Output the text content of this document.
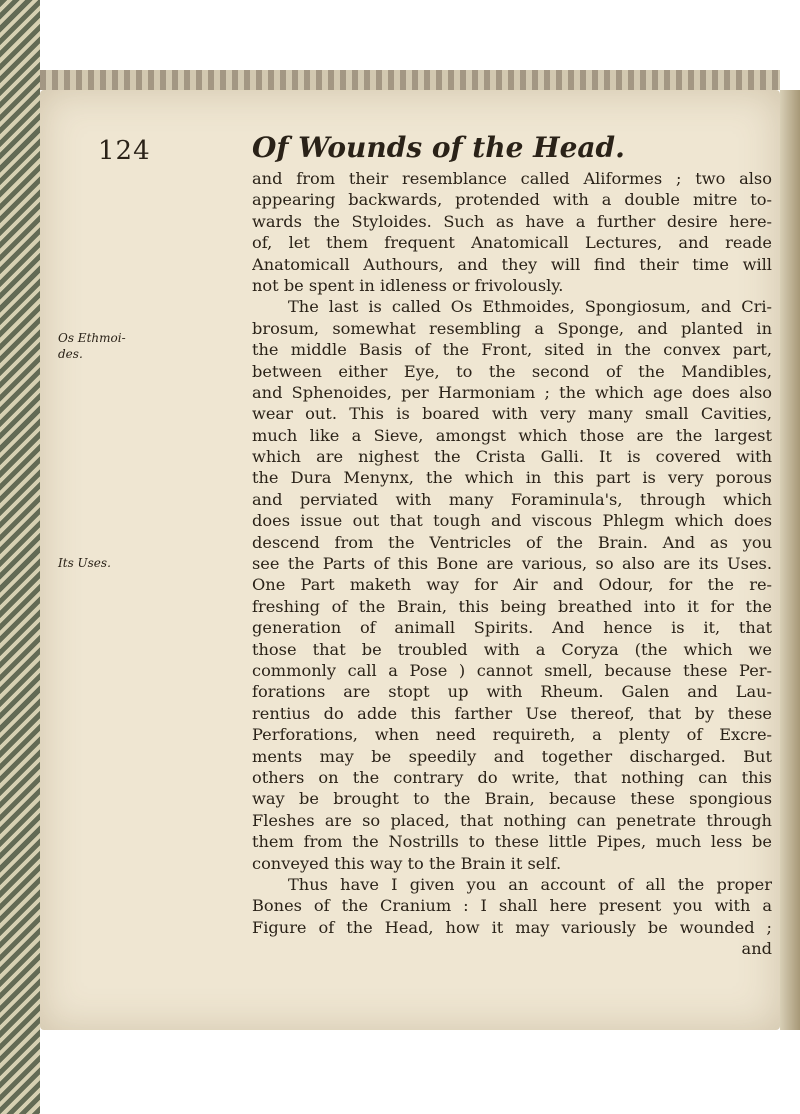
124	Of Wounds of the Head.
Os Ethmoi-
des.
Its Uses.
and from their resemblance called Aliformes ; two also
appearing backwards, protended with a double mitre to-
wards the Styloides. Such as have a further desire here-
of, let them frequent Anatomicall Lectures, and reade
Anatomicall Authours, and they will find their time will
not be spent in idleness or frivolously.
The last is called Os Ethmoides, Spongiosum, and Cri-
brosum, somewhat resembling a Sponge, and planted in
the middle Basis of the Front, sited in the convex part,
between either Eye, to the second of the Mandibles,
and Sphenoides, per Harmoniam ; the which age does also
wear out. This is boared with very many small Cavities,
much like a Sieve, amongst which those are the largest
which are nighest the Crista Galli. It is covered with
the Dura Menynx, the which in this part is very porous
and perviated with many Foraminula's, through which
does issue out that tough and viscous Phlegm which does
descend from the Ventricles of the Brain. And as you
see the Parts of this Bone are various, so also are its Uses.
One Part maketh way for Air and Odour, for the re-
freshing of the Brain, this being breathed into it for the
generation of animall Spirits. And hence is it, that
those that be troubled with a Coryza (the which we
commonly call a Pose ) cannot smell, because these Per-
forations are stopt up with Rheum. Galen and Lau-
rentius do adde this farther Use thereof, that by these
Perforations, when need requireth, a plenty of Excre-
ments may be speedily and together discharged. But
others on the contrary do write, that nothing can this
way be brought to the Brain, because these spongious
Fleshes are so placed, that nothing can penetrate through
them from the Nostrills to these little Pipes, much less be
conveyed this way to the Brain it self.
Thus have I given you an account of all the proper
Bones of the Cranium : I shall here present you with a
Figure of the Head, how it may variously be wounded ;
and
